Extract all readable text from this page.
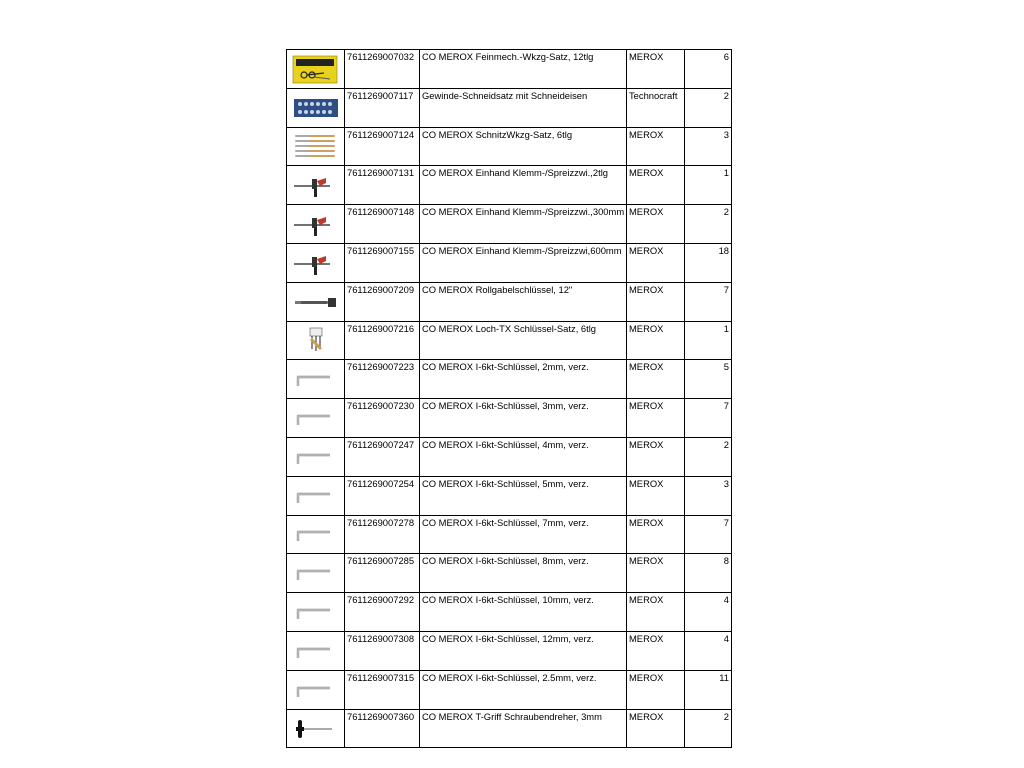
	7611269007032	CO MEROX Feinmech.-Wkzg-Satz, 12tlg	MEROX	6

	7611269007117	Gewinde-Schneidsatz mit Schneideisen	Technocraft	2

	7611269007124	CO MEROX SchnitzWkzg-Satz, 6tlg	MEROX	3

	7611269007131	CO MEROX Einhand Klemm-/Spreizzwi.,2tlg	MEROX	1

	7611269007148	CO MEROX Einhand Klemm-/Spreizzwi.,300mm	MEROX	2

	7611269007155	CO MEROX Einhand Klemm-/Spreizzwi,600mm	MEROX	18

	7611269007209	CO MEROX Rollgabelschlüssel, 12"	MEROX	7

	7611269007216	CO MEROX Loch-TX Schlüssel-Satz, 6tlg	MEROX	1

	7611269007223	CO MEROX I-6kt-Schlüssel, 2mm, verz.	MEROX	5

	7611269007230	CO MEROX I-6kt-Schlüssel, 3mm, verz.	MEROX	7

	7611269007247	CO MEROX I-6kt-Schlüssel, 4mm, verz.	MEROX	2

	7611269007254	CO MEROX I-6kt-Schlüssel, 5mm, verz.	MEROX	3

	7611269007278	CO MEROX I-6kt-Schlüssel, 7mm, verz.	MEROX	7

	7611269007285	CO MEROX I-6kt-Schlüssel, 8mm, verz.	MEROX	8

	7611269007292	CO MEROX I-6kt-Schlüssel, 10mm, verz.	MEROX	4

	7611269007308	CO MEROX I-6kt-Schlüssel, 12mm, verz.	MEROX	4

	7611269007315	CO MEROX I-6kt-Schlüssel, 2.5mm, verz.	MEROX	11

	7611269007360	CO MEROX T-Griff Schraubendreher, 3mm	MEROX	2
